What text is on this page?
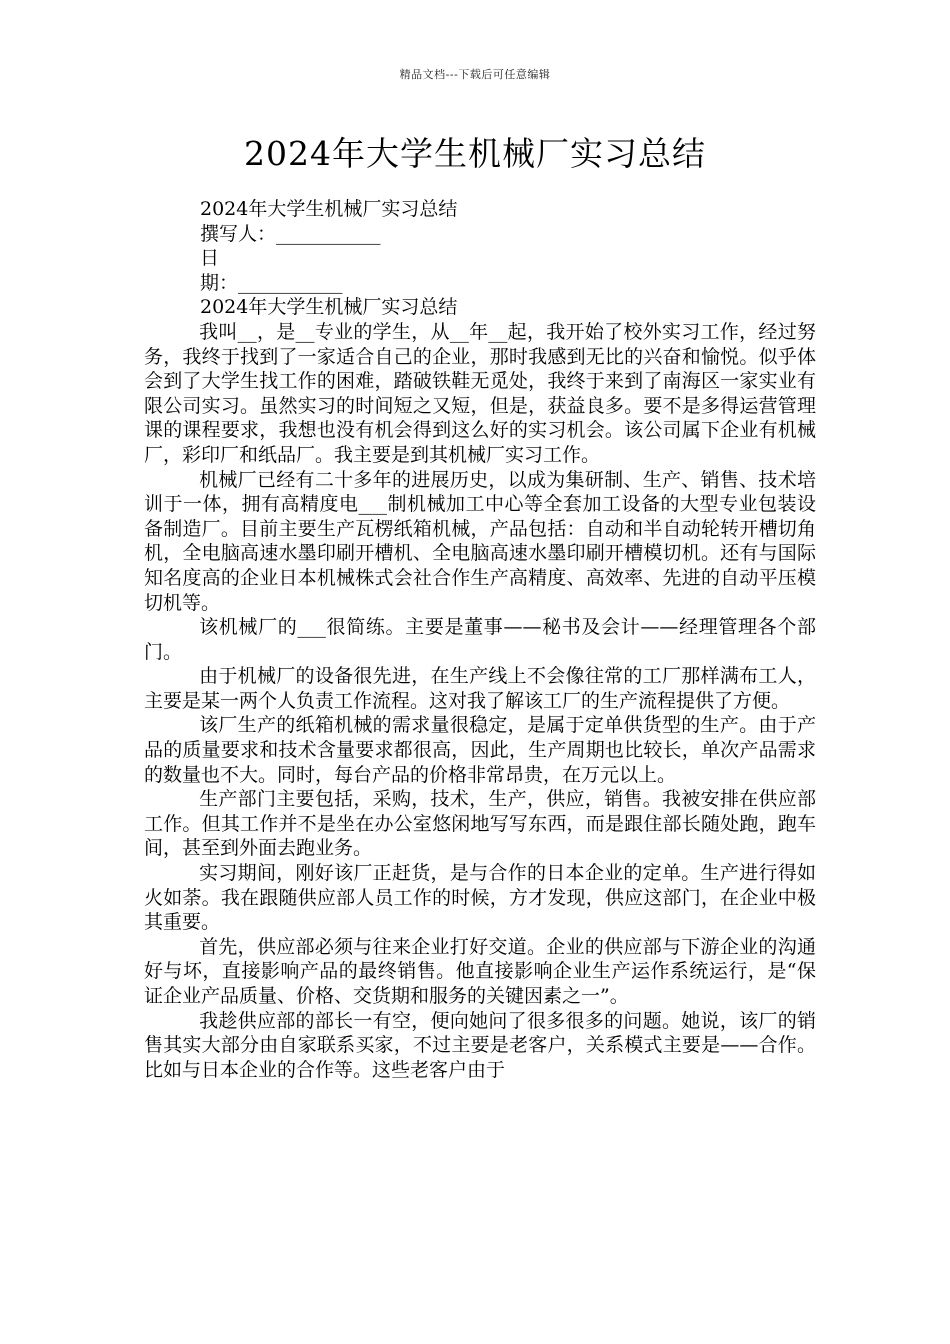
精品文档---下载后可任意编辑
2024年大学生机械厂实习总结
2024年大学生机械厂实习总结
撰写人：___________
日
期：___________
2024年大学生机械厂实习总结

我叫__，是__专业的学生，从__年__起，我开始了校外实习工作，经过努务，我终于找到了一家适合自己的企业，那时我感到无比的兴奋和愉悦。似乎体会到了大学生找工作的困难，踏破铁鞋无觅处，我终于来到了南海区一家实业有限公司实习。虽然实习的时间短之又短，但是，获益良多。要不是多得运营管理课的课程要求，我想也没有机会得到这么好的实习机会。该公司属下企业有机械厂，彩印厂和纸品厂。我主要是到其机械厂实习工作。

机械厂已经有二十多年的进展历史，以成为集研制、生产、销售、技术培训于一体，拥有高精度电___制机械加工中心等全套加工设备的大型专业包装设备制造厂。目前主要生产瓦楞纸箱机械，产品包括：自动和半自动轮转开槽切角机，全电脑高速水墨印刷开槽机、全电脑高速水墨印刷开槽模切机。还有与国际知名度高的企业日本机械株式会社合作生产高精度、高效率、先进的自动平压模切机等。

该机械厂的___很简练。主要是董事——秘书及会计——经理管理各个部门。

由于机械厂的设备很先进，在生产线上不会像往常的工厂那样满布工人，主要是某一两个人负责工作流程。这对我了解该工厂的生产流程提供了方便。

该厂生产的纸箱机械的需求量很稳定，是属于定单供货型的生产。由于产品的质量要求和技术含量要求都很高，因此，生产周期也比较长，单次产品需求的数量也不大。同时，每台产品的价格非常昂贵，在万元以上。

生产部门主要包括，采购，技术，生产，供应，销售。我被安排在供应部工作。但其工作并不是坐在办公室悠闲地写写东西，而是跟住部长随处跑，跑车间，甚至到外面去跑业务。

实习期间，刚好该厂正赶货，是与合作的日本企业的定单。生产进行得如火如荼。我在跟随供应部人员工作的时候，方才发现，供应这部门，在企业中极其重要。

首先，供应部必须与往来企业打好交道。企业的供应部与下游企业的沟通好与坏，直接影响产品的最终销售。他直接影响企业生产运作系统运行，是“保证企业产品质量、价格、交货期和服务的关键因素之一”。

我趁供应部的部长一有空，便向她问了很多很多的问题。她说，该厂的销售其实大部分由自家联系买家，不过主要是老客户，关系模式主要是——合作。比如与日本企业的合作等。这些老客户由于
